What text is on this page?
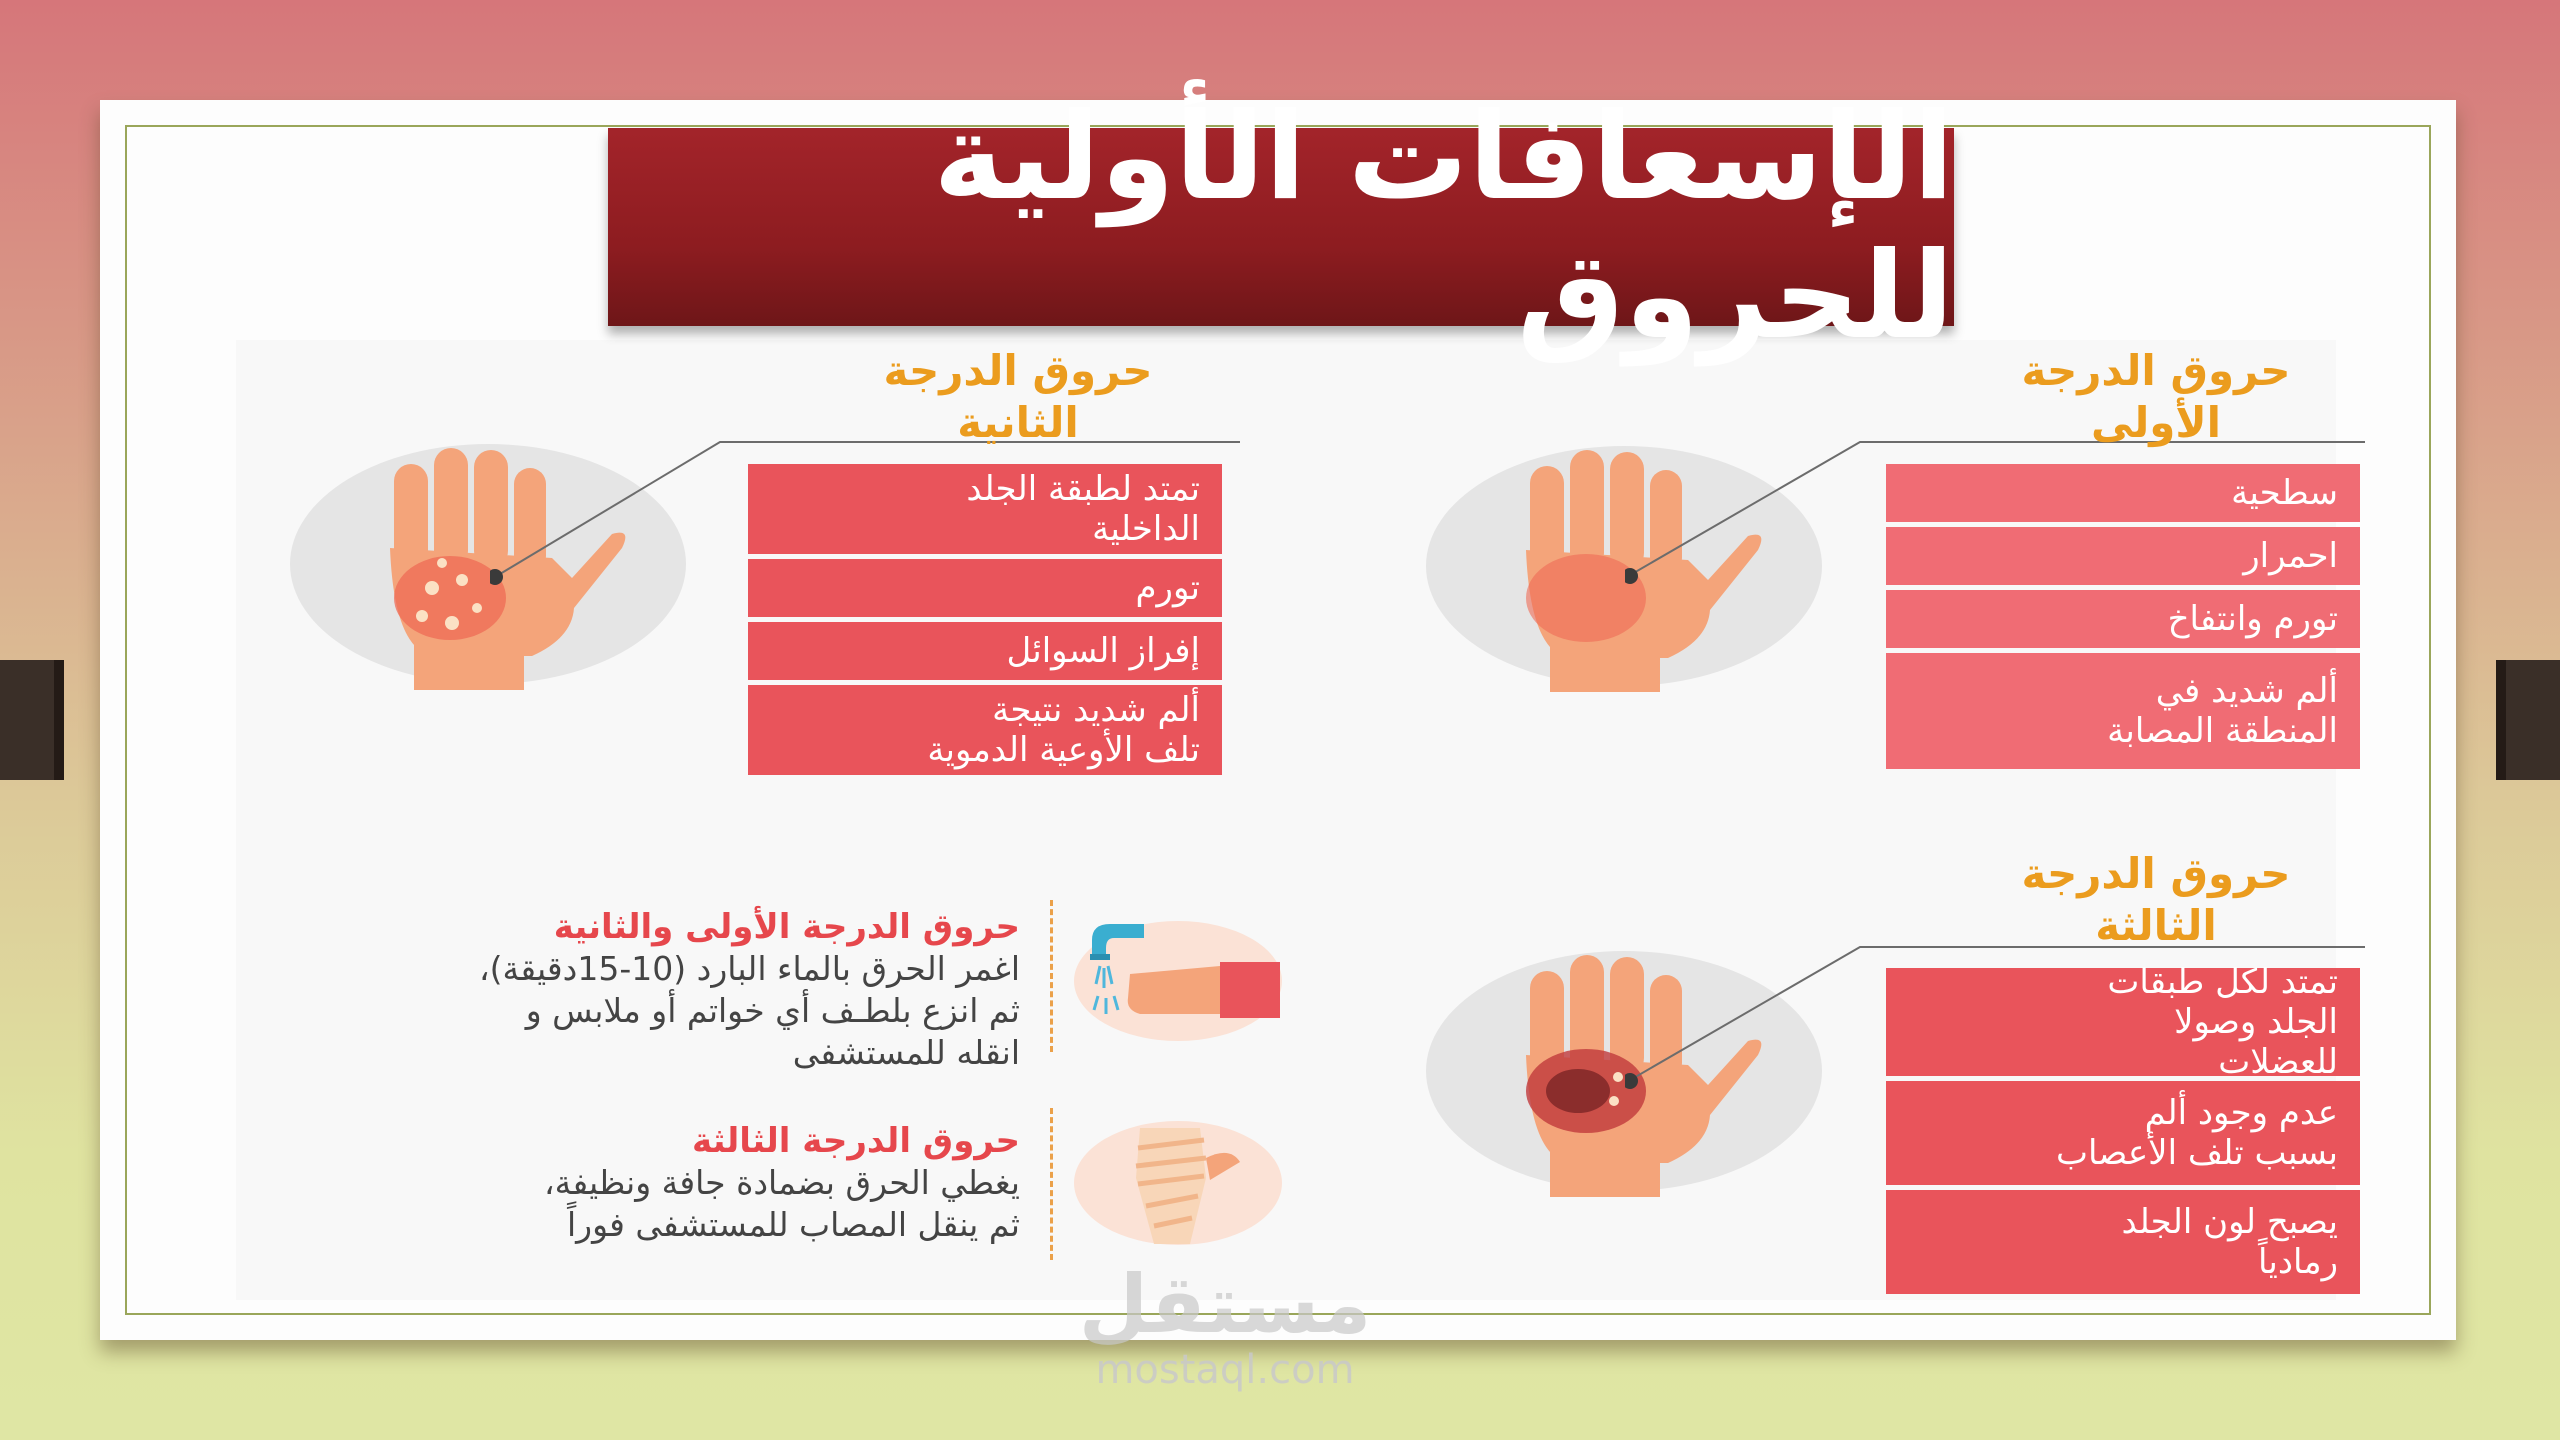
الإسعافات الأولية للحروق
حروق الدرجة
الثانية
تمتد لطبقة الجلد
الداخلية
تورم
إفراز السوائل
ألم شديد نتيجة
تلف الأوعية الدموية
حروق الدرجة
الأولى
سطحية
احمرار
تورم وانتفاخ
ألم شديد في
المنطقة المصابة
حروق الدرجة
الثالثة
تمتد لكل طبقات
الجلد وصولا
للعضلات
عدم وجود ألم
بسبب تلف الأعصاب
يصبح لون الجلد
رمادياً
حروق الدرجة الأولى والثانية
اغمر الحرق بالماء البارد (10-15دقيقة)،
ثم انزع بلطـف أي خواتم أو ملابس و
انقله للمستشفى
حروق الدرجة الثالثة
يغطي الحرق بضمادة جافة ونظيفة،
ثم ينقل المصاب للمستشفى فوراً
مستقل
mostaql.com
